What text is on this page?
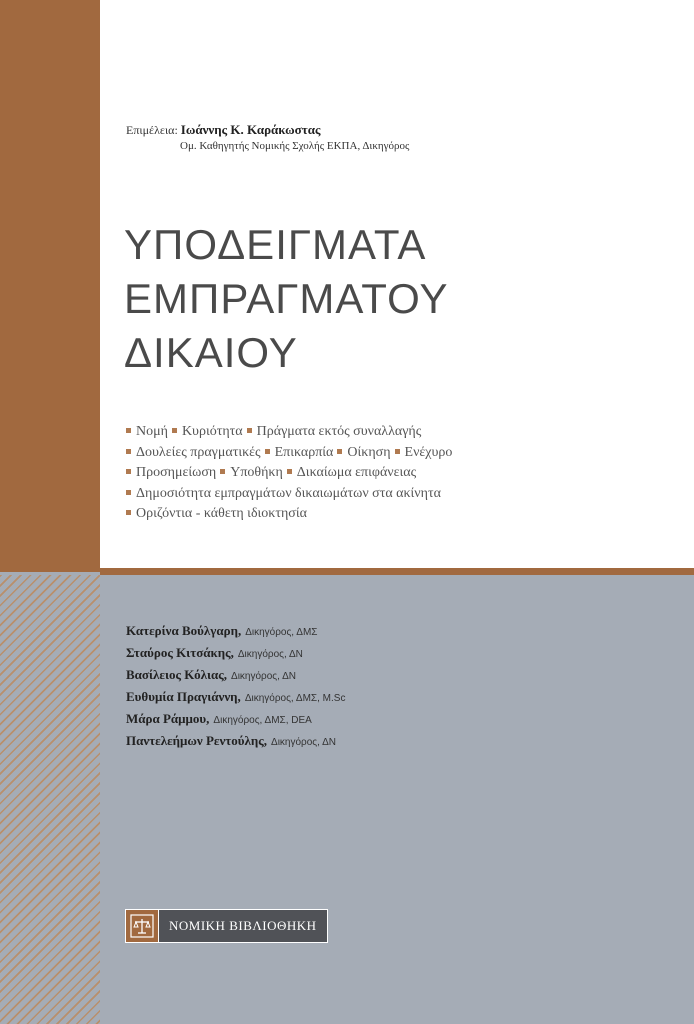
Επιμέλεια: Ιωάννης Κ. Καράκωστας
Ομ. Καθηγητής Νομικής Σχολής ΕΚΠΑ, Δικηγόρος
ΥΠΟΔΕΙΓΜΑΤΑ
ΕΜΠΡΑΓΜΑΤΟΥ
ΔΙΚΑΙΟΥ
Νομή Κυριότητα Πράγματα εκτός συναλλαγής
Δουλείες πραγματικές Επικαρπία Οίκηση Ενέχυρο
Προσημείωση Υποθήκη Δικαίωμα επιφάνειας
Δημοσιότητα εμπραγμάτων δικαιωμάτων στα ακίνητα
Οριζόντια - κάθετη ιδιοκτησία
Κατερίνα Βούλγαρη, Δικηγόρος, ΔΜΣ
Σταύρος Κιτσάκης, Δικηγόρος, ΔΝ
Βασίλειος Κόλιας, Δικηγόρος, ΔΝ
Ευθυμία Πραγιάννη, Δικηγόρος, ΔΜΣ, M.Sc
Μάρα Ράμμου, Δικηγόρος, ΔΜΣ, DEA
Παντελεήμων Ρεντούλης, Δικηγόρος, ΔΝ
ΝΟΜΙΚΗ ΒΙΒΛΙΟΘΗΚΗ
